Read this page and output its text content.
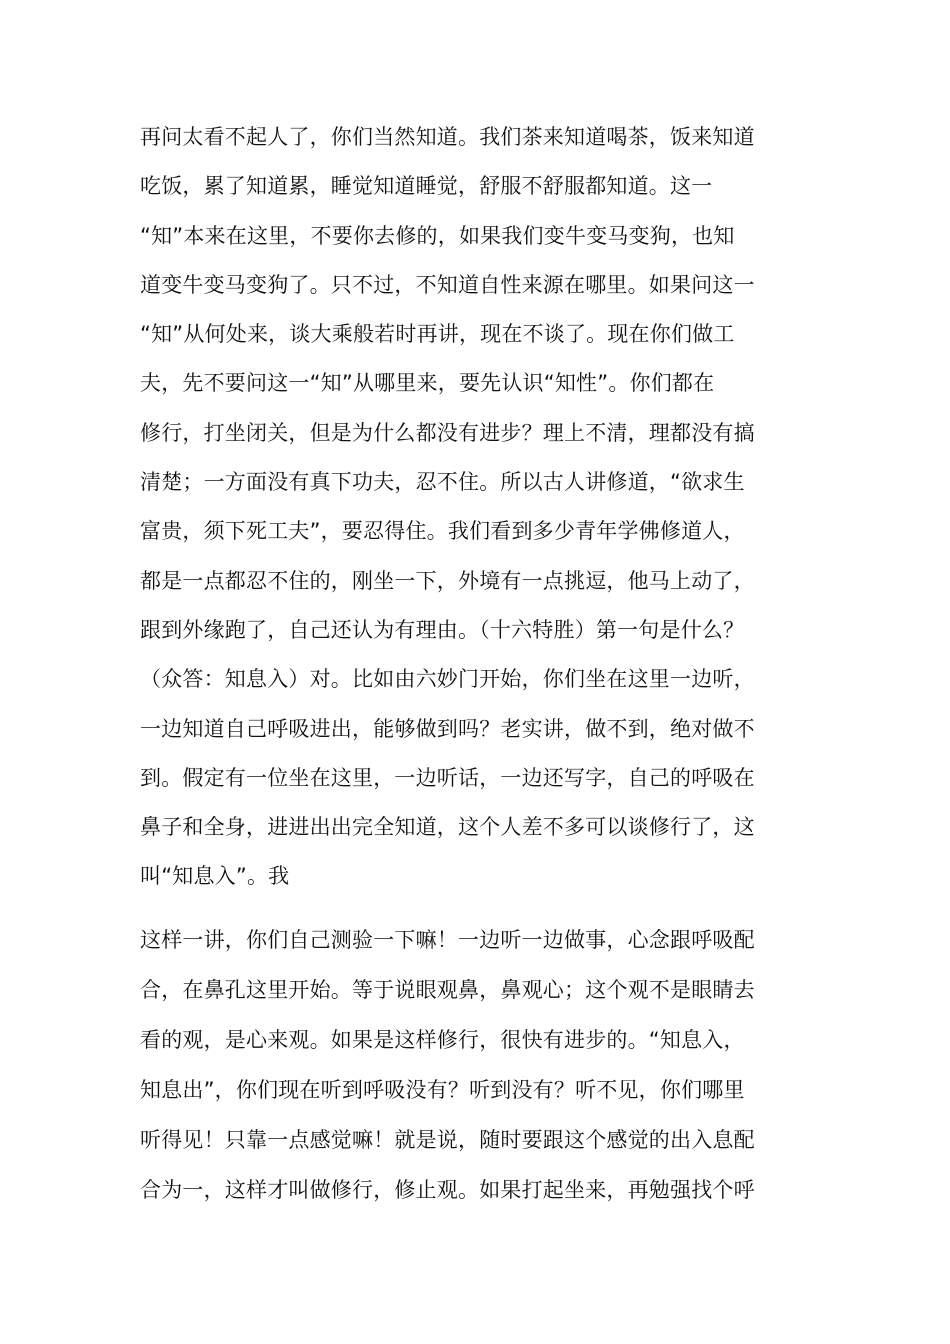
再问太看不起人了，你们当然知道。我们茶来知道喝茶，饭来知道
吃饭，累了知道累，睡觉知道睡觉，舒服不舒服都知道。这一
“知”本来在这里，不要你去修的，如果我们变牛变马变狗，也知
道变牛变马变狗了。只不过，不知道自性来源在哪里。如果问这一
“知”从何处来，谈大乘般若时再讲，现在不谈了。现在你们做工
夫，先不要问这一“知”从哪里来，要先认识“知性”。你们都在
修行，打坐闭关，但是为什么都没有进步？理上不清，理都没有搞
清楚；一方面没有真下功夫，忍不住。所以古人讲修道，“欲求生
富贵，须下死工夫”，要忍得住。我们看到多少青年学佛修道人，
都是一点都忍不住的，刚坐一下，外境有一点挑逗，他马上动了，
跟到外缘跑了，自己还认为有理由。（十六特胜）第一句是什么？
（众答：知息入）对。比如由六妙门开始，你们坐在这里一边听，
一边知道自己呼吸进出，能够做到吗？老实讲，做不到，绝对做不
到。假定有一位坐在这里，一边听话，一边还写字，自己的呼吸在
鼻子和全身，进进出出完全知道，这个人差不多可以谈修行了，这
叫“知息入”。我
这样一讲，你们自己测验一下嘛！一边听一边做事，心念跟呼吸配
合，在鼻孔这里开始。等于说眼观鼻，鼻观心；这个观不是眼睛去
看的观，是心来观。如果是这样修行，很快有进步的。“知息入，
知息出”，你们现在听到呼吸没有？听到没有？听不见，你们哪里
听得见！只靠一点感觉嘛！就是说，随时要跟这个感觉的出入息配
合为一，这样才叫做修行，修止观。如果打起坐来，再勉强找个呼
